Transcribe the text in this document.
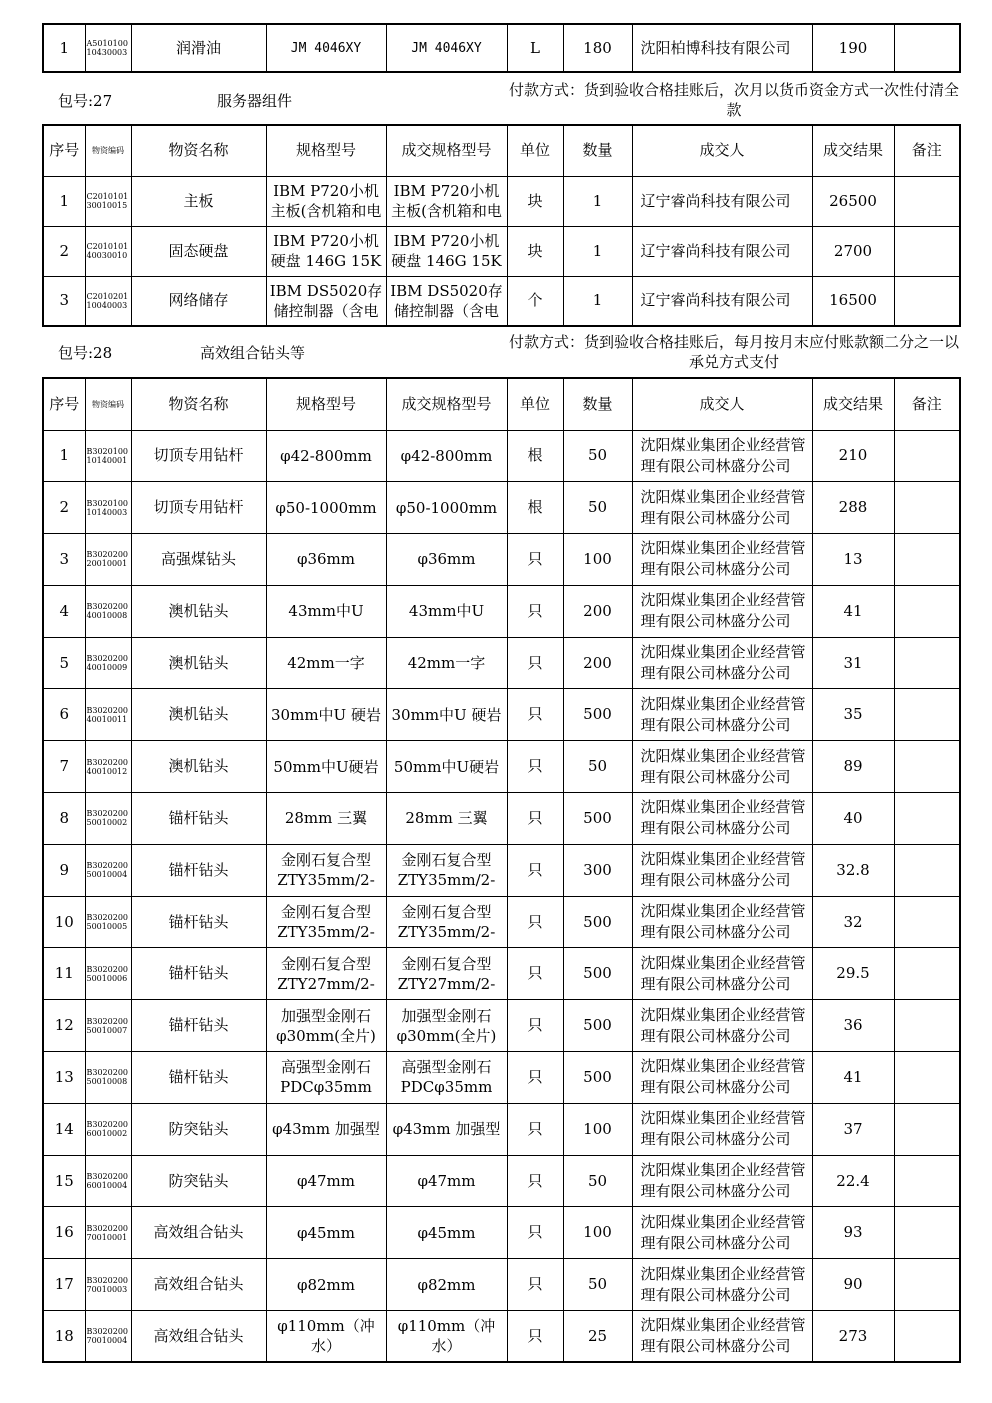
1	A501010010430003	润滑油	JM 4046XY	JM 4046XY	L	180	沈阳柏博科技有限公司	190	
包号:27	服务器组件
付款方式：货到验收合格挂账后，次月以货币资金方式一次性付清全款
序号	物资编码	物资名称	规格型号	成交规格型号	单位	数量	成交人	成交结果	备注
1	C201010130010015	主板	IBM P720小机主板(含机箱和电	IBM P720小机主板(含机箱和电	块	1	辽宁睿尚科技有限公司	26500	
2	C201010140030010	固态硬盘	IBM P720小机硬盘 146G 15K	IBM P720小机硬盘 146G 15K	块	1	辽宁睿尚科技有限公司	2700	
3	C201020110040003	网络储存	IBM DS5020存储控制器（含电	IBM DS5020存储控制器（含电	个	1	辽宁睿尚科技有限公司	16500	
包号:28	高效组合钻头等
付款方式：货到验收合格挂账后，每月按月末应付账款额二分之一以承兑方式支付
序号	物资编码	物资名称	规格型号	成交规格型号	单位	数量	成交人	成交结果	备注
1	B302010010140001	切顶专用钻杆	φ42-800mm	φ42-800mm	根	50	沈阳煤业集团企业经营管理有限公司林盛分公司	210	
2	B302010010140003	切顶专用钻杆	φ50-1000mm	φ50-1000mm	根	50	沈阳煤业集团企业经营管理有限公司林盛分公司	288	
3	B302020020010001	高强煤钻头	φ36mm	φ36mm	只	100	沈阳煤业集团企业经营管理有限公司林盛分公司	13	
4	B302020040010008	澳机钻头	43mm中U	43mm中U	只	200	沈阳煤业集团企业经营管理有限公司林盛分公司	41	
5	B302020040010009	澳机钻头	42mm一字	42mm一字	只	200	沈阳煤业集团企业经营管理有限公司林盛分公司	31	
6	B302020040010011	澳机钻头	30mm中U 硬岩	30mm中U 硬岩	只	500	沈阳煤业集团企业经营管理有限公司林盛分公司	35	
7	B302020040010012	澳机钻头	50mm中U硬岩	50mm中U硬岩	只	50	沈阳煤业集团企业经营管理有限公司林盛分公司	89	
8	B302020050010002	锚杆钻头	28mm 三翼	28mm 三翼	只	500	沈阳煤业集团企业经营管理有限公司林盛分公司	40	
9	B302020050010004	锚杆钻头	金刚石复合型ZTY35mm/2-	金刚石复合型ZTY35mm/2-	只	300	沈阳煤业集团企业经营管理有限公司林盛分公司	32.8	
10	B302020050010005	锚杆钻头	金刚石复合型ZTY35mm/2-	金刚石复合型ZTY35mm/2-	只	500	沈阳煤业集团企业经营管理有限公司林盛分公司	32	
11	B302020050010006	锚杆钻头	金刚石复合型ZTY27mm/2-	金刚石复合型ZTY27mm/2-	只	500	沈阳煤业集团企业经营管理有限公司林盛分公司	29.5	
12	B302020050010007	锚杆钻头	加强型金刚石φ30mm(全片)	加强型金刚石φ30mm(全片)	只	500	沈阳煤业集团企业经营管理有限公司林盛分公司	36	
13	B302020050010008	锚杆钻头	高强型金刚石PDCφ35mm	高强型金刚石PDCφ35mm	只	500	沈阳煤业集团企业经营管理有限公司林盛分公司	41	
14	B302020060010002	防突钻头	φ43mm 加强型	φ43mm 加强型	只	100	沈阳煤业集团企业经营管理有限公司林盛分公司	37	
15	B302020060010004	防突钻头	φ47mm	φ47mm	只	50	沈阳煤业集团企业经营管理有限公司林盛分公司	22.4	
16	B302020070010001	高效组合钻头	φ45mm	φ45mm	只	100	沈阳煤业集团企业经营管理有限公司林盛分公司	93	
17	B302020070010003	高效组合钻头	φ82mm	φ82mm	只	50	沈阳煤业集团企业经营管理有限公司林盛分公司	90	
18	B302020070010004	高效组合钻头	φ110mm（冲水）	φ110mm（冲水）	只	25	沈阳煤业集团企业经营管理有限公司林盛分公司	273	
